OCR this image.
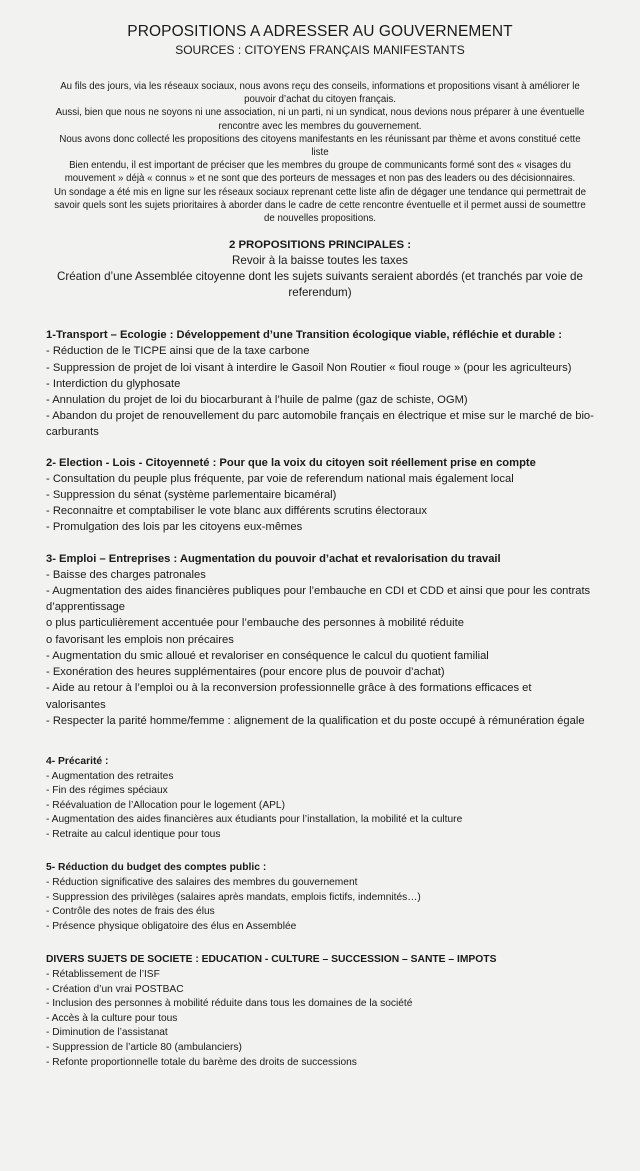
PROPOSITIONS A ADRESSER AU GOUVERNEMENT
SOURCES : CITOYENS FRANÇAIS MANIFESTANTS

Au fils des jours, via les réseaux sociaux, nous avons reçu des conseils, informations et propositions visant à améliorer le pouvoir d’achat du citoyen français.

Aussi, bien que nous ne soyons ni une association, ni un parti, ni un syndicat, nous devions nous préparer à une éventuelle rencontre avec les membres du gouvernement.

Nous avons donc collecté les propositions des citoyens manifestants en les réunissant par thème et avons constitué cette liste

Bien entendu, il est important de préciser que les membres du groupe de communicants formé sont des « visages du mouvement » déjà « connus » et ne sont que des porteurs de messages et non pas des leaders ou des décisionnaires.

Un sondage a été mis en ligne sur les réseaux sociaux reprenant cette liste afin de dégager une tendance qui permettrait de savoir quels sont les sujets prioritaires à aborder dans le cadre de cette rencontre éventuelle et il permet aussi de soumettre de nouvelles propositions.

2 PROPOSITIONS PRINCIPALES :
Revoir à la baisse toutes les taxes
Création d’une Assemblée citoyenne dont les sujets suivants seraient abordés (et tranchés par voie de referendum)
1-Transport – Ecologie : Développement d’une Transition écologique viable, réfléchie et durable :
- Réduction de le TICPE ainsi que de la taxe carbone
- Suppression de projet de loi visant à interdire le Gasoil Non Routier « fioul rouge » (pour les agriculteurs)
- Interdiction du glyphosate
- Annulation du projet de loi du biocarburant à l’huile de palme (gaz de schiste, OGM)
- Abandon du projet de renouvellement du parc automobile français en électrique et mise sur le marché de bio-carburants
2- Election - Lois - Citoyenneté : Pour que la voix du citoyen soit réellement prise en compte
- Consultation du peuple plus fréquente, par voie de referendum national mais également local
- Suppression du sénat (système parlementaire bicaméral)
- Reconnaitre et comptabiliser le vote blanc aux différents scrutins électoraux
- Promulgation des lois par les citoyens eux-mêmes
3- Emploi – Entreprises : Augmentation du pouvoir d’achat et revalorisation du travail
- Baisse des charges patronales
- Augmentation des aides financières publiques pour l’embauche en CDI et CDD et ainsi que pour les contrats d’apprentissage
o plus particulièrement accentuée pour l’embauche des personnes à mobilité réduite
o favorisant les emplois non précaires
- Augmentation du smic alloué et revaloriser en conséquence le calcul du quotient familial
- Exonération des heures supplémentaires (pour encore plus de pouvoir d’achat)
- Aide au retour à l’emploi ou à la reconversion professionnelle grâce à des formations efficaces et valorisantes
- Respecter la parité homme/femme : alignement de la qualification et du poste occupé à rémunération égale
4- Précarité :
- Augmentation des retraites
- Fin des régimes spéciaux
- Réévaluation de l’Allocation pour le logement (APL)
- Augmentation des aides financières aux étudiants pour l’installation, la mobilité et la culture
- Retraite au calcul identique pour tous
5- Réduction du budget des comptes public :
- Réduction significative des salaires des membres du gouvernement
- Suppression des privilèges (salaires après mandats, emplois fictifs, indemnités…)
- Contrôle des notes de frais des élus
- Présence physique obligatoire des élus en Assemblée
DIVERS SUJETS DE SOCIETE : EDUCATION - CULTURE – SUCCESSION – SANTE – IMPOTS
- Rétablissement de l’ISF
- Création d’un vrai POSTBAC
- Inclusion des personnes à mobilité réduite dans tous les domaines de la société
- Accès à la culture pour tous
- Diminution de l’assistanat
- Suppression de l’article 80 (ambulanciers)
- Refonte proportionnelle totale du barème des droits de successions
